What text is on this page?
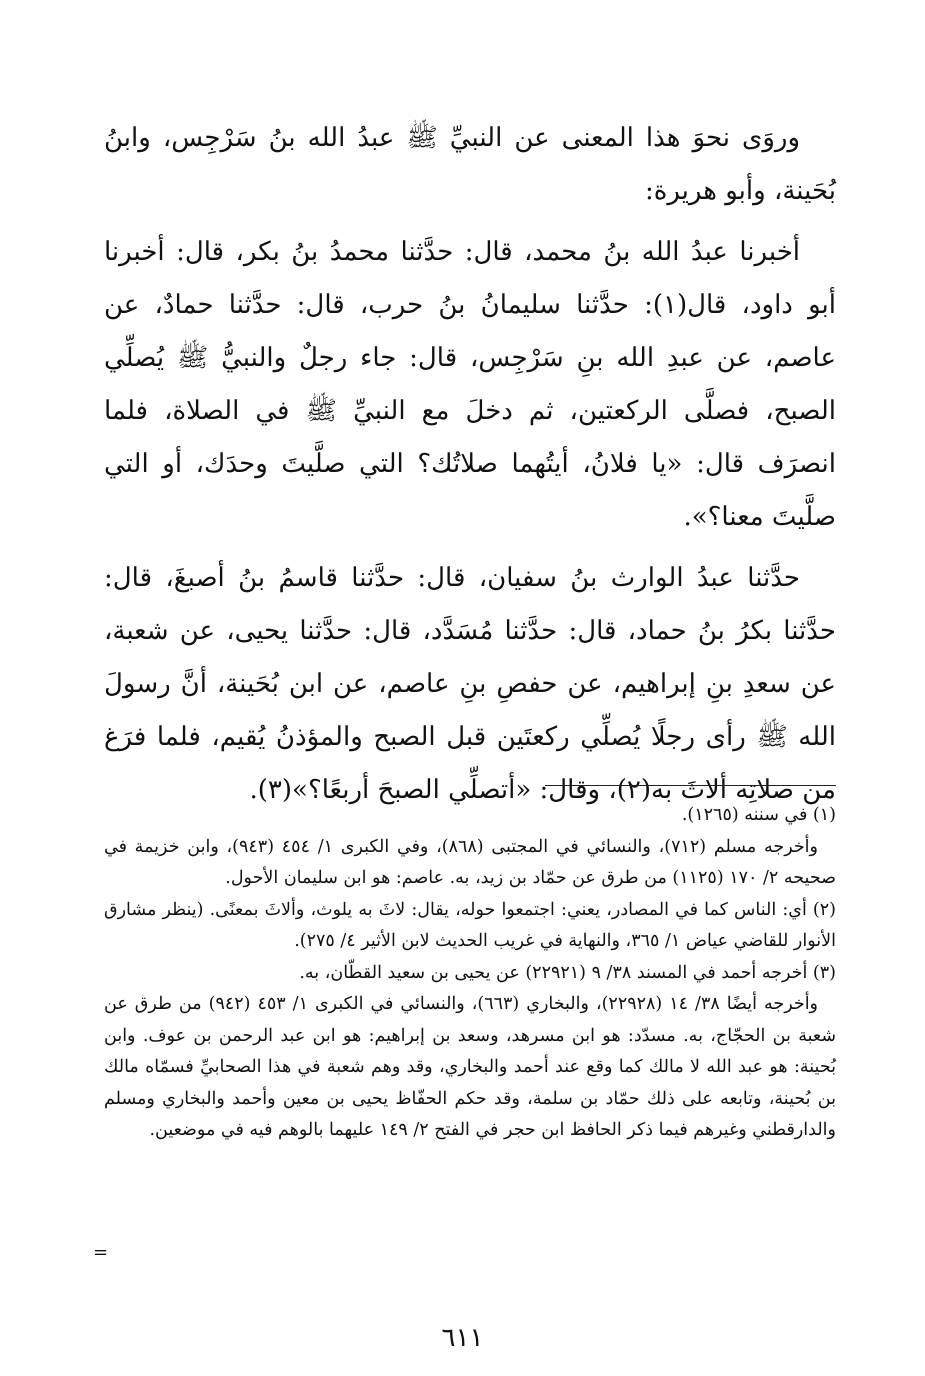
وروَى نحوَ هذا المعنى عن النبيِّ ﷺ عبدُ الله بنُ سَرْجِس، وابنُ بُحَينة، وأبو هريرة:

أخبرنا عبدُ الله بنُ محمد، قال: حدَّثنا محمدُ بنُ بكر، قال: أخبرنا أبو داود، قال(١): حدَّثنا سليمانُ بنُ حرب، قال: حدَّثنا حمادٌ، عن عاصم، عن عبدِ الله بنِ سَرْجِس، قال: جاء رجلٌ والنبيُّ ﷺ يُصلِّي الصبح، فصلَّى الركعتين، ثم دخلَ مع النبيِّ ﷺ في الصلاة، فلما انصرَف قال: «يا فلانُ، أيتُهما صلاتُك؟ التي صلَّيتَ وحدَك، أو التي صلَّيتَ معنا؟».

حدَّثنا عبدُ الوارث بنُ سفيان، قال: حدَّثنا قاسمُ بنُ أصبغَ، قال: حدَّثنا بكرُ بنُ حماد، قال: حدَّثنا مُسَدَّد، قال: حدَّثنا يحيى، عن شعبة، عن سعدِ بنِ إبراهيم، عن حفصِ بنِ عاصم، عن ابن بُحَينة، أنَّ رسولَ الله ﷺ رأى رجلًا يُصلِّي ركعتَين قبل الصبح والمؤذنُ يُقيم، فلما فرَغ من صلاتِه ألاثَ به(٢)، وقال: «أتصلِّي الصبحَ أربعًا؟»(٣).

(١) في سننه (١٢٦٥).

وأخرجه مسلم (٧١٢)، والنسائي في المجتبى (٨٦٨)، وفي الكبرى ١/ ٤٥٤ (٩٤٣)، وابن خزيمة في صحيحه ٢/ ١٧٠ (١١٢٥) من طرق عن حمّاد بن زيد، به. عاصم: هو ابن سليمان الأحول.

(٢) أي: الناس كما في المصادر، يعني: اجتمعوا حوله، يقال: لاثَ به يلوث، وألاثَ بمعنًى. (ينظر مشارق الأنوار للقاضي عياض ١/ ٣٦٥، والنهاية في غريب الحديث لابن الأثير ٤/ ٢٧٥).

(٣) أخرجه أحمد في المسند ٣٨/ ٩ (٢٢٩٢١) عن يحيى بن سعيد القطّان، به.

وأخرجه أيضًا ٣٨/ ١٤ (٢٢٩٢٨)، والبخاري (٦٦٣)، والنسائي في الكبرى ١/ ٤٥٣ (٩٤٢) من طرق عن شعبة بن الحجّاج، به. مسدّد: هو ابن مسرهد، وسعد بن إبراهيم: هو ابن عبد الرحمن بن عوف. وابن بُحينة: هو عبد الله لا مالك كما وقع عند أحمد والبخاري، وقد وهم شعبة في هذا الصحابيِّ فسمّاه مالك بن بُحينة، وتابعه على ذلك حمّاد بن سلمة، وقد حكم الحفّاظ يحيى بن معين وأحمد والبخاري ومسلم والدارقطني وغيرهم فيما ذكر الحافظ ابن حجر في الفتح ٢/ ١٤٩ عليهما بالوهم فيه في موضعين.

=
٦١١
